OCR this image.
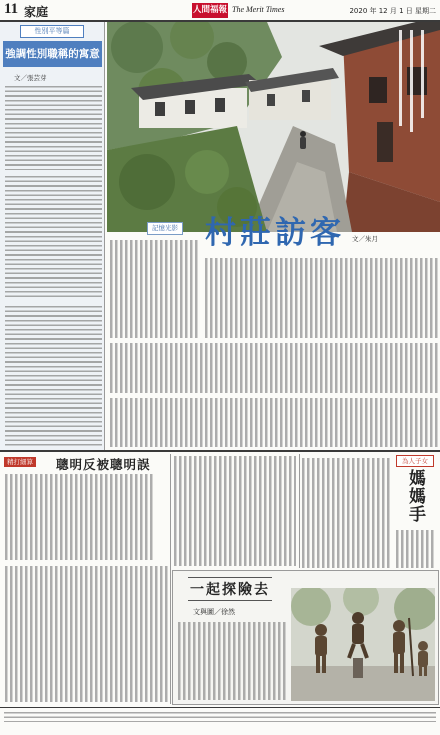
11 家庭	人間福報 The Merit Times	2020 年 12 月 1 日 星期二
性別平等篇
強調性別職稱的寓意
文／張芸芽
記憶光影 村莊訪客 文／朱月
精打細算 聰明反被聰明誤	為人子女
媽媽手
一起探險去
文與圖／徐然
